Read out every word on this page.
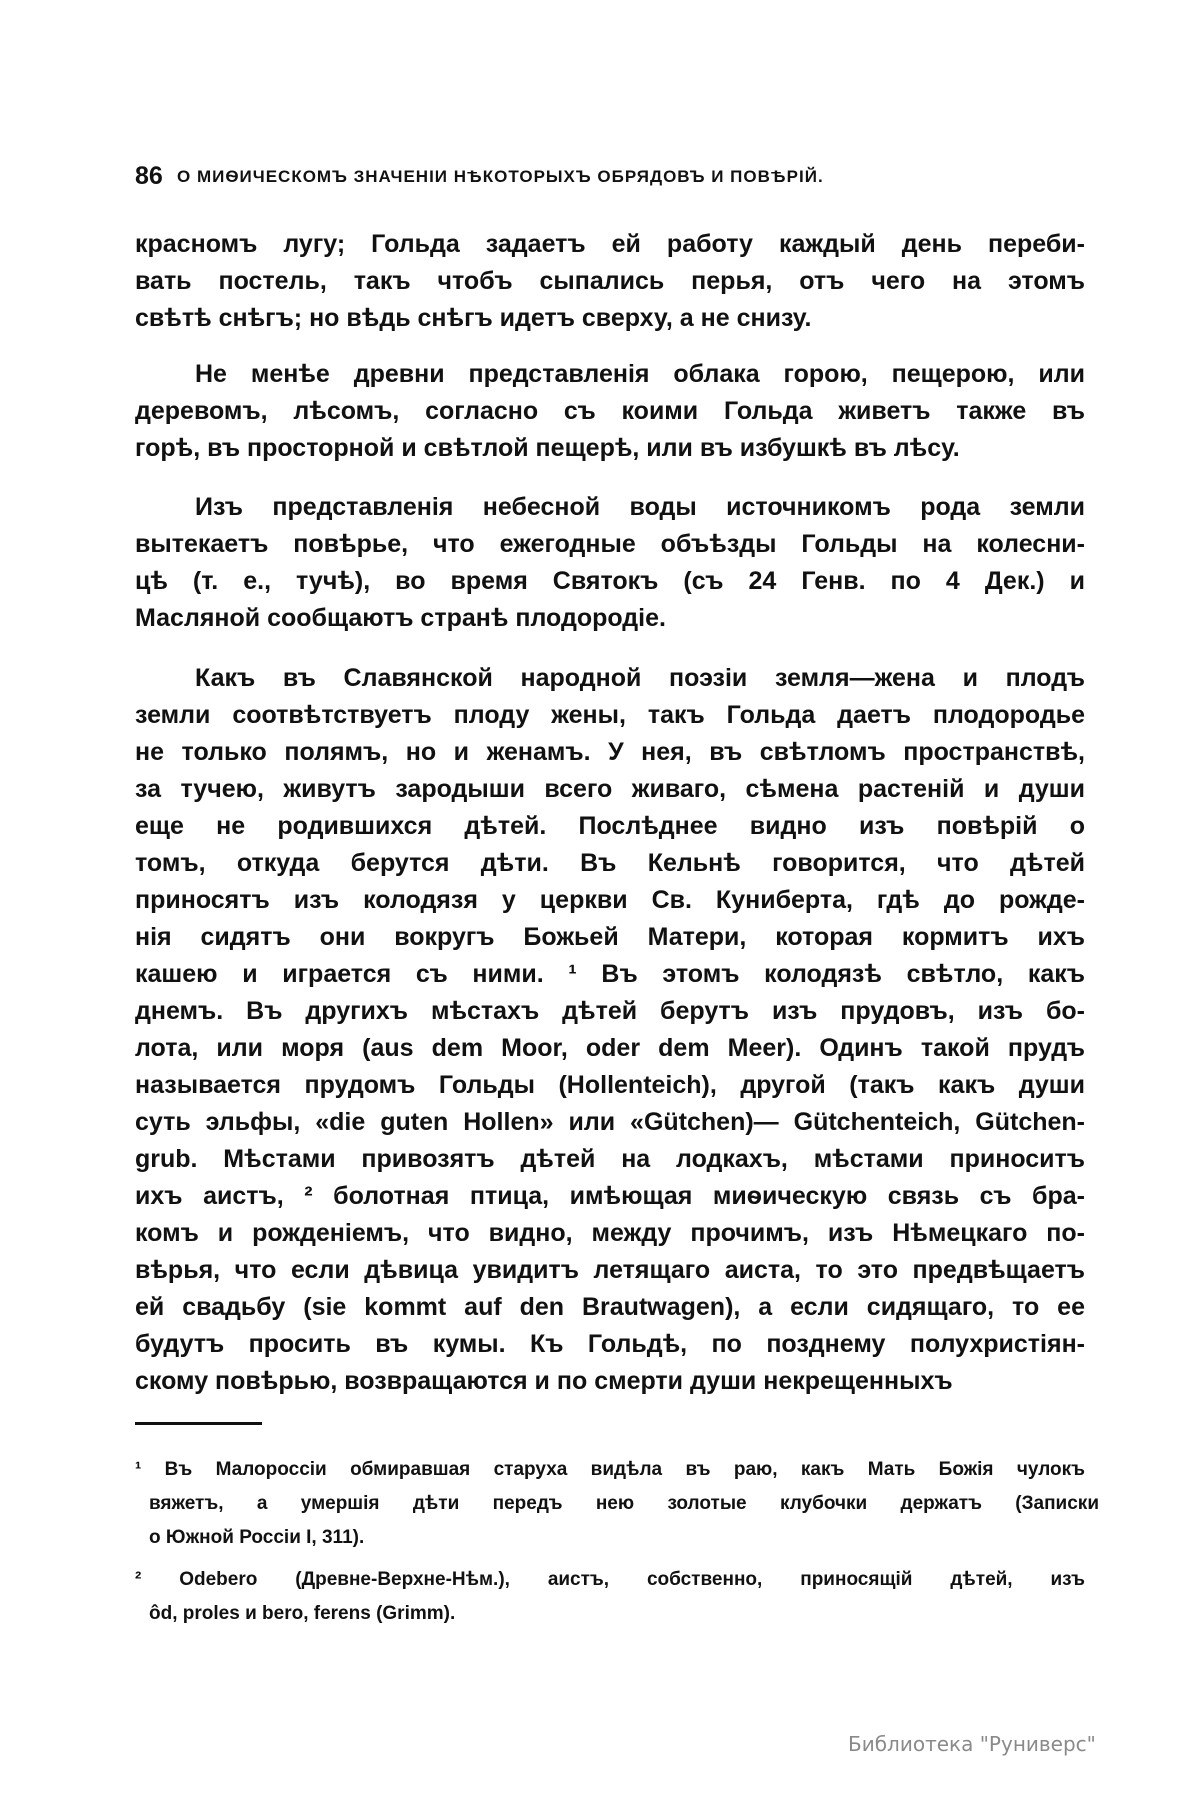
86 О МИѲИЧЕСКОМЪ ЗНАЧЕНІИ НѢКОТОРЫХЪ ОБРЯДОВЪ И ПОВѢРІЙ.
красномъ лугу; Гольда задаетъ ей работу каждый день переби-
вать постель, такъ чтобъ сыпались перья, отъ чего на этомъ
свѣтѣ снѣгъ; но вѣдь снѣгъ идетъ сверху, а не снизу.
Не менѣе древни представленія облака горою, пещерою, или
деревомъ, лѣсомъ, согласно съ коими Гольда живетъ также въ
горѣ, въ просторной и свѣтлой пещерѣ, или въ избушкѣ въ лѣсу.
Изъ представленія небесной воды источникомъ рода земли
вытекаетъ повѣрье, что ежегодные объѣзды Гольды на колесни-
цѣ (т. е., тучѣ), во время Святокъ (съ 24 Генв. по 4 Дек.) и
Масляной сообщаютъ странѣ плодородіе.
Какъ въ Славянской народной поэзіи земля—жена и плодъ
земли соотвѣтствуетъ плоду жены, такъ Гольда даетъ плодородье
не только полямъ, но и женамъ. У нея, въ свѣтломъ пространствѣ,
за тучею, живутъ зародыши всего живаго, сѣмена растеній и души
еще не родившихся дѣтей. Послѣднее видно изъ повѣрій о
томъ, откуда берутся дѣти. Въ Кельнѣ говорится, что дѣтей
приносятъ изъ колодязя у церкви Св. Куниберта, гдѣ до рожде-
нія сидятъ они вокругъ Божьей Матери, которая кормитъ ихъ
кашею и играется съ ними. ¹ Въ этомъ колодязѣ свѣтло, какъ
днемъ. Въ другихъ мѣстахъ дѣтей берутъ изъ прудовъ, изъ бо-
лота, или моря (aus dem Moor, oder dem Meer). Одинъ такой прудъ
называется прудомъ Гольды (Hollenteich), другой (такъ какъ души
суть эльфы, «die guten Hollen» или «Gütchen)— Gütchenteich, Gütchen-
grub. Мѣстами привозятъ дѣтей на лодкахъ, мѣстами приноситъ
ихъ аистъ, ² болотная птица, имѣющая миѳическую связь съ бра-
комъ и рожденіемъ, что видно, между прочимъ, изъ Нѣмецкаго по-
вѣрья, что если дѣвица увидитъ летящаго аиста, то это предвѣщаетъ
ей свадьбу (sie kommt auf den Brautwagen), а если сидящаго, то ее
будутъ просить въ кумы. Къ Гольдѣ, по позднему полухристіян-
скому повѣрью, возвращаются и по смерти души некрещенныхъ
¹ Въ Малороссіи обмиравшая старуха видѣла въ раю, какъ Мать Божія чулокъ
вяжетъ, а умершія дѣти передъ нею золотые клубочки держатъ (Записки
о Южной Россіи I, 311).
² Odebero (Древне-Верхне-Нѣм.), аистъ, собственно, приносящій дѣтей, изъ
ôd, proles и bero, ferens (Grimm).
Библиотека "Руниверс"
